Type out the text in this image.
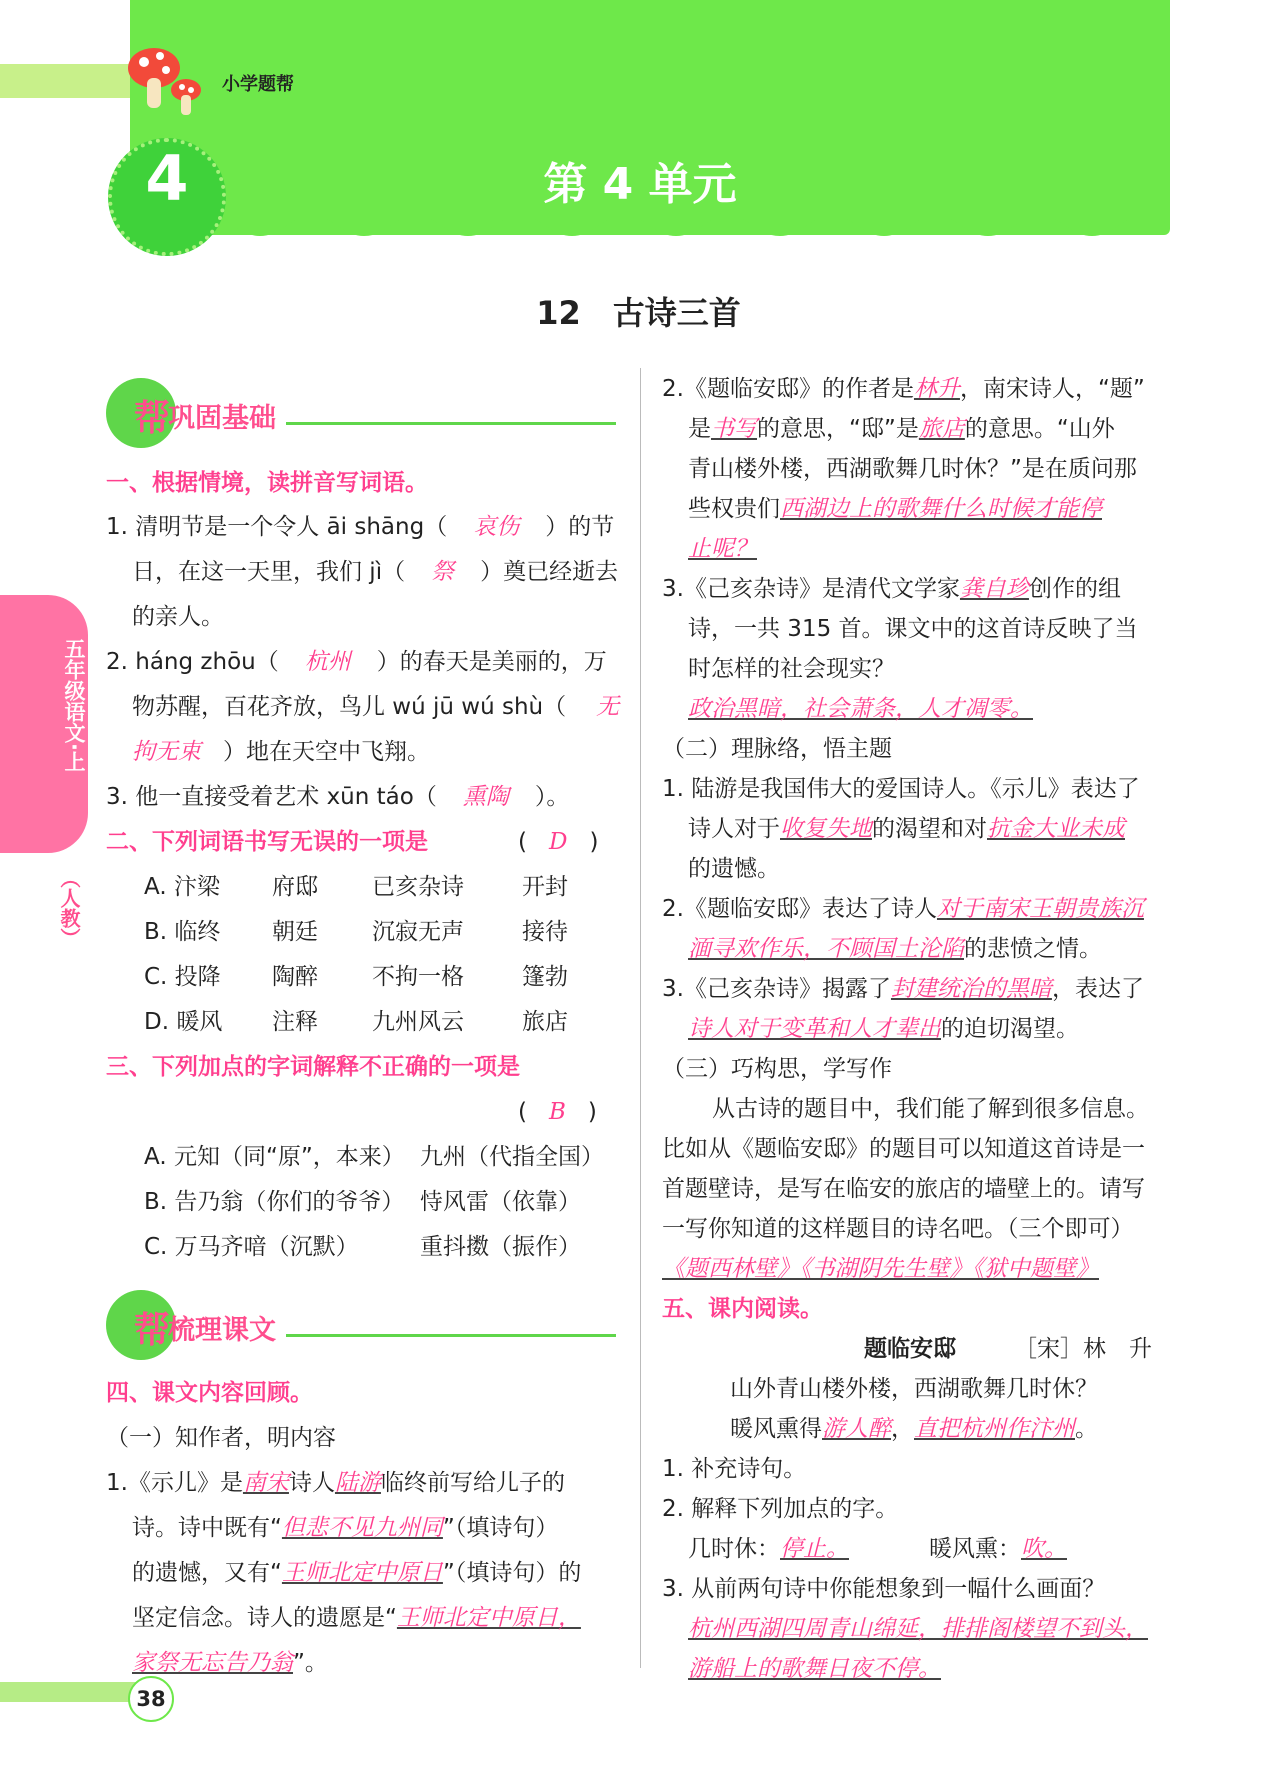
小学题帮
4	第 4 单元
12　古诗三首
五年级语文·上
（人教）
帮
巩固基础
一、根据情境，读拼音写词语。
1. 清明节是一个令人 āi shāng（ 哀伤 ）的节
日，在这一天里，我们 jì（ 祭 ）奠已经逝去
的亲人。
2. háng zhōu（ 杭州 ）的春天是美丽的，万
物苏醒，百花齐放，鸟儿 wú jū wú shù（ 无
拘无束 ）地在天空中飞翔。
3. 他一直接受着艺术 xūn táo（ 熏陶 ）。
二、下列词语书写无误的一项是	( D )
A. 汴梁 府邸 已亥杂诗	开封
B. 临终 朝廷 沉寂无声	接待
C. 投降 陶醉 不拘一格	篷勃
D. 暖风 注释 九州风云	旅店
三、下列加点的字词解释不正确的一项是
( B )
A. 元知（同“原”，本来） 九州（代指全国）
B. 告乃翁（你们的爷爷） 恃风雷（依靠）
C. 万马齐喑（沉默）	重抖擞（振作）
帮
梳理课文
四、课文内容回顾。
（一）知作者，明内容
1.《示儿》是南宋诗人陆游临终前写给儿子的
诗。诗中既有“但悲不见九州同”（填诗句）
的遗憾，又有“王师北定中原日”（填诗句）的
坚定信念。诗人的遗愿是“王师北定中原日，
家祭无忘告乃翁”。
2.《题临安邸》的作者是林升，南宋诗人，“题”
是书写的意思，“邸”是旅店的意思。“山外
青山楼外楼，西湖歌舞几时休？”是在质问那
些权贵们西湖边上的歌舞什么时候才能停
止呢？
3.《己亥杂诗》是清代文学家龚自珍创作的组
诗，一共 315 首。课文中的这首诗反映了当
时怎样的社会现实？
政治黑暗，社会萧条，人才凋零。
（二）理脉络，悟主题
1. 陆游是我国伟大的爱国诗人。《示儿》表达了
诗人对于收复失地的渴望和对抗金大业未成
的遗憾。
2.《题临安邸》表达了诗人对于南宋王朝贵族沉
湎寻欢作乐，不顾国土沦陷的悲愤之情。
3.《己亥杂诗》揭露了封建统治的黑暗，表达了
诗人对于变革和人才辈出的迫切渴望。
（三）巧构思，学写作
从古诗的题目中，我们能了解到很多信息。
比如从《题临安邸》的题目可以知道这首诗是一
首题壁诗，是写在临安的旅店的墙壁上的。请写
一写你知道的这样题目的诗名吧。（三个即可）
《题西林壁》《书湖阴先生壁》《狱中题壁》
五、课内阅读。
题临安邸	［宋］林　升
山外青山楼外楼，西湖歌舞几时休？
暖风熏得游人醉，直把杭州作汴州。
1. 补充诗句。
2. 解释下列加点的字。
几时休：停止。	暖风熏：吹。
3. 从前两句诗中你能想象到一幅什么画面？
杭州西湖四周青山绵延，排排阁楼望不到头，
游船上的歌舞日夜不停。
38
